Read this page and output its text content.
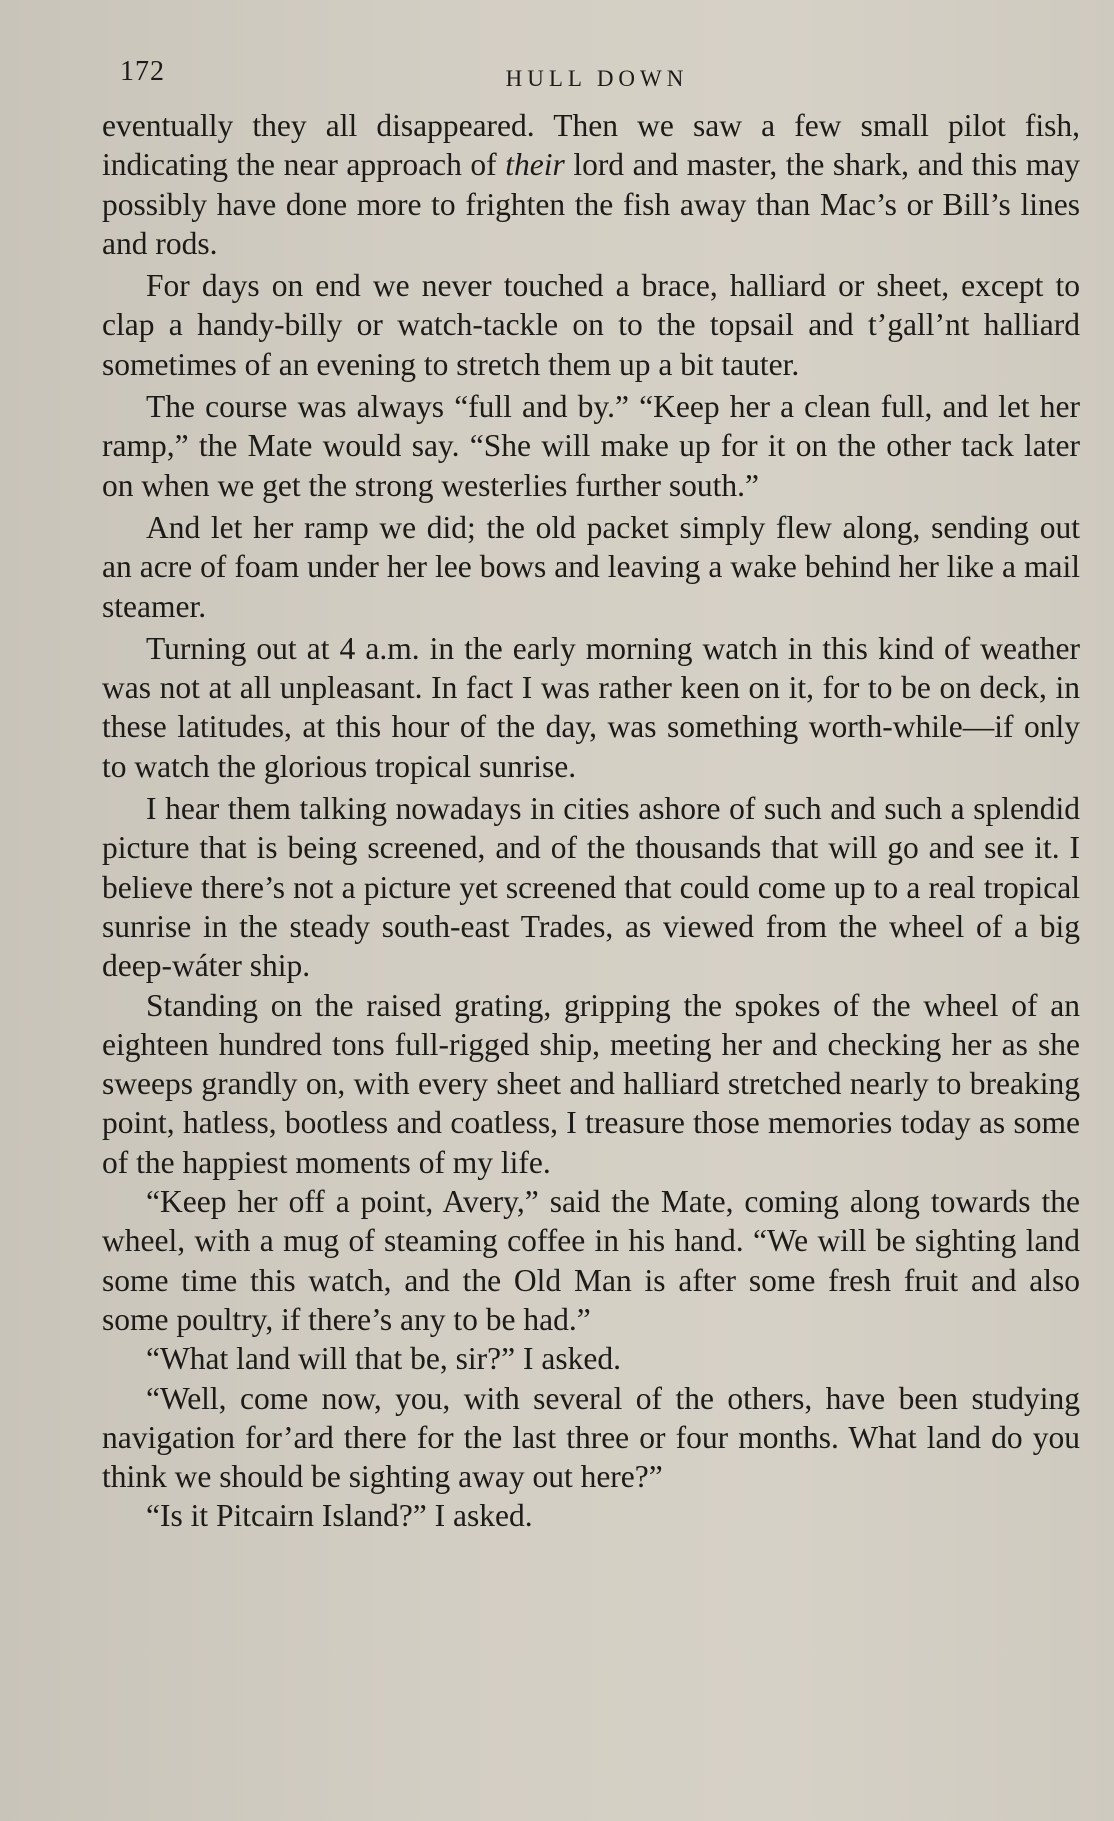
172	HULL DOWN

eventually they all disappeared. Then we saw a few small pilot fish, indicating the near approach of their lord and master, the shark, and this may possibly have done more to frighten the fish away than Mac’s or Bill’s lines and rods.

For days on end we never touched a brace, halliard or sheet, except to clap a handy-billy or watch-tackle on to the topsail and t’gall’nt halliard sometimes of an evening to stretch them up a bit tauter.

The course was always “full and by.” “Keep her a clean full, and let her ramp,” the Mate would say. “She will make up for it on the other tack later on when we get the strong westerlies further south.”

And let her ramp we did; the old packet simply flew along, sending out an acre of foam under her lee bows and leaving a wake behind her like a mail steamer.

Turning out at 4 a.m. in the early morning watch in this kind of weather was not at all unpleasant. In fact I was rather keen on it, for to be on deck, in these latitudes, at this hour of the day, was something worth-while—if only to watch the glorious tropical sunrise.

I hear them talking nowadays in cities ashore of such and such a splendid picture that is being screened, and of the thousands that will go and see it. I believe there’s not a picture yet screened that could come up to a real tropical sunrise in the steady south-east Trades, as viewed from the wheel of a big deep-wáter ship.

Standing on the raised grating, gripping the spokes of the wheel of an eighteen hundred tons full-rigged ship, meeting her and checking her as she sweeps grandly on, with every sheet and halliard stretched nearly to breaking point, hatless, bootless and coatless, I treasure those memories today as some of the happiest moments of my life.

“Keep her off a point, Avery,” said the Mate, coming along towards the wheel, with a mug of steaming coffee in his hand. “We will be sighting land some time this watch, and the Old Man is after some fresh fruit and also some poultry, if there’s any to be had.”

“What land will that be, sir?” I asked.

“Well, come now, you, with several of the others, have been studying navigation for’ard there for the last three or four months. What land do you think we should be sighting away out here?”

“Is it Pitcairn Island?” I asked.
